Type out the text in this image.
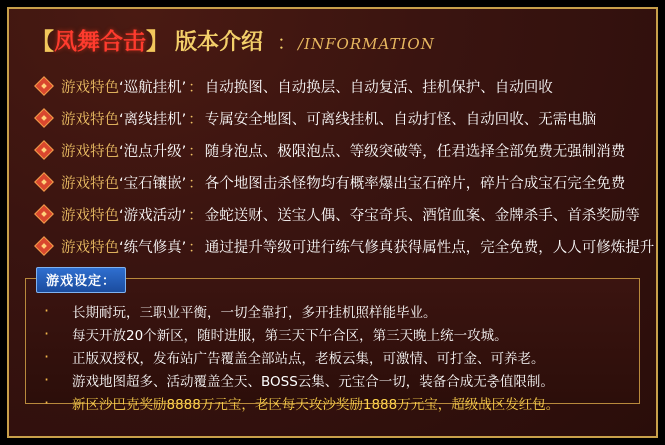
【 凤舞合击 】 版本介绍 ： /INFORMATION
游戏特色 ‘巡航挂机’ ： 自动换图、自动换层、自动复活、挂机保护、自动回收
游戏特色 ‘离线挂机’ ： 专属安全地图、可离线挂机、自动打怪、自动回收、无需电脑
游戏特色 ‘泡点升级’ ： 随身泡点、极限泡点、等级突破等，任君选择全部免费无强制消费
游戏特色 ‘宝石镶嵌’ ： 各个地图击杀怪物均有概率爆出宝石碎片，碎片合成宝石完全免费
游戏特色 ‘游戏活动’ ： 金蛇送财、送宝人偶、夺宝奇兵、酒馆血案、金牌杀手、首杀奖励等
游戏特色 ‘练气修真’ ： 通过提升等级可进行练气修真获得属性点，完全免费，人人可修炼提升
游戏设定：
·	长期耐玩，三职业平衡，一切全靠打，多开挂机照样能毕业。
·	每天开放20个新区，随时进服，第三天下午合区，第三天晚上统一攻城。
·	正版双授权，发布站广告覆盖全部站点，老板云集，可激情、可打金、可养老。
·	游戏地图超多、活动覆盖全天、BOSS云集、元宝合一切，装备合成无충值限制。
·	新区沙巴克奖励8888万元宝，老区每天攻沙奖励1888万元宝，超级战区发红包。
